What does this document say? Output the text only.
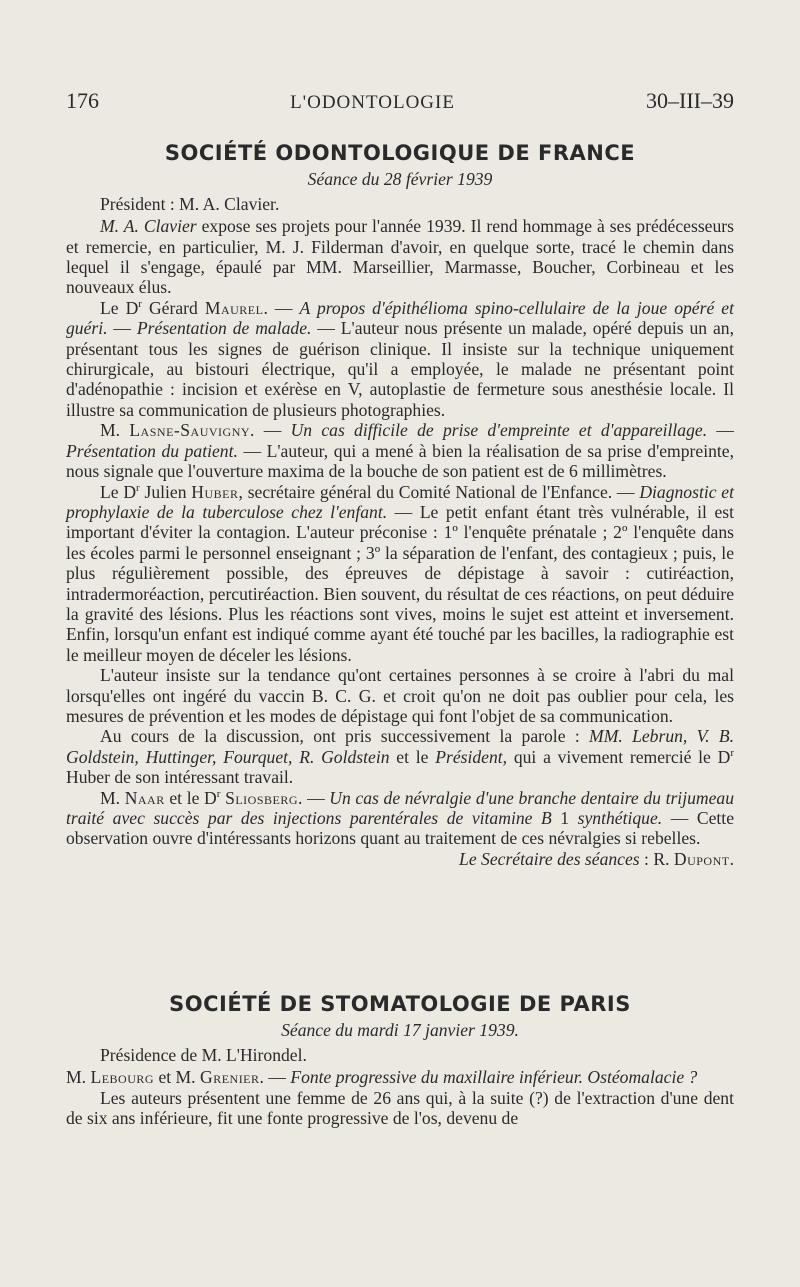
176	L'ODONTOLOGIE	30–III–39
SOCIÉTÉ ODONTOLOGIQUE DE FRANCE
Séance du 28 février 1939

Président : M. A. Clavier.

M. A. Clavier expose ses projets pour l'année 1939. Il rend hommage à ses prédécesseurs et remercie, en particulier, M. J. Filderman d'avoir, en quelque sorte, tracé le chemin dans lequel il s'engage, épaulé par MM. Marseillier, Marmasse, Boucher, Corbineau et les nouveaux élus.

Le $D^r$ Gérard Maurel. — A propos d'épithélioma spino-cellulaire de la joue opéré et guéri. — Présentation de malade. — L'auteur nous présente un malade, opéré depuis un an, présentant tous les signes de guérison clinique. Il insiste sur la technique uniquement chirurgicale, au bistouri électrique, qu'il a employée, le malade ne présentant point d'adénopathie : incision et exérèse en V, autoplastie de fermeture sous anesthésie locale. Il illustre sa communication de plusieurs photographies.

M. Lasne-Sauvigny. — Un cas difficile de prise d'empreinte et d'appareillage. — Présentation du patient. — L'auteur, qui a mené à bien la réalisation de sa prise d'empreinte, nous signale que l'ouverture maxima de la bouche de son patient est de 6 millimètres.

Le $D^r$ Julien Huber, secrétaire général du Comité National de l'Enfance. — Diagnostic et prophylaxie de la tuberculose chez l'enfant. — Le petit enfant étant très vulnérable, il est important d'éviter la contagion. L'auteur préconise : 1º l'enquête prénatale ; 2º l'enquête dans les écoles parmi le personnel enseignant ; 3º la séparation de l'enfant, des contagieux ; puis, le plus régulièrement possible, des épreuves de dépistage à savoir : cutiréaction, intradermoréaction, percutiréaction. Bien souvent, du résultat de ces réactions, on peut déduire la gravité des lésions. Plus les réactions sont vives, moins le sujet est atteint et inversement. Enfin, lorsqu'un enfant est indiqué comme ayant été touché par les bacilles, la radiographie est le meilleur moyen de déceler les lésions.

L'auteur insiste sur la tendance qu'ont certaines personnes à se croire à l'abri du mal lorsqu'elles ont ingéré du vaccin B. C. G. et croit qu'on ne doit pas oublier pour cela, les mesures de prévention et les modes de dépistage qui font l'objet de sa communication.

Au cours de la discussion, ont pris successivement la parole : MM. Lebrun, V. B. Goldstein, Huttinger, Fourquet, R. Goldstein et le Président, qui a vivement remercié le $D^r$ Huber de son intéressant travail.

M. Naar et le $D^r$ Sliosberg. — Un cas de névralgie d'une branche dentaire du trijumeau traité avec succès par des injections parentérales de vitamine B 1 synthétique. — Cette observation ouvre d'intéressants horizons quant au traitement de ces névralgies si rebelles.

Le Secrétaire des séances : R. Dupont.
SOCIÉTÉ DE STOMATOLOGIE DE PARIS
Séance du mardi 17 janvier 1939.

Présidence de M. L'Hirondel.

M. Lebourg et M. Grenier. — Fonte progressive du maxillaire inférieur. Ostéomalacie ?

Les auteurs présentent une femme de 26 ans qui, à la suite (?) de l'extraction d'une dent de six ans inférieure, fit une fonte progressive de l'os, devenu de
